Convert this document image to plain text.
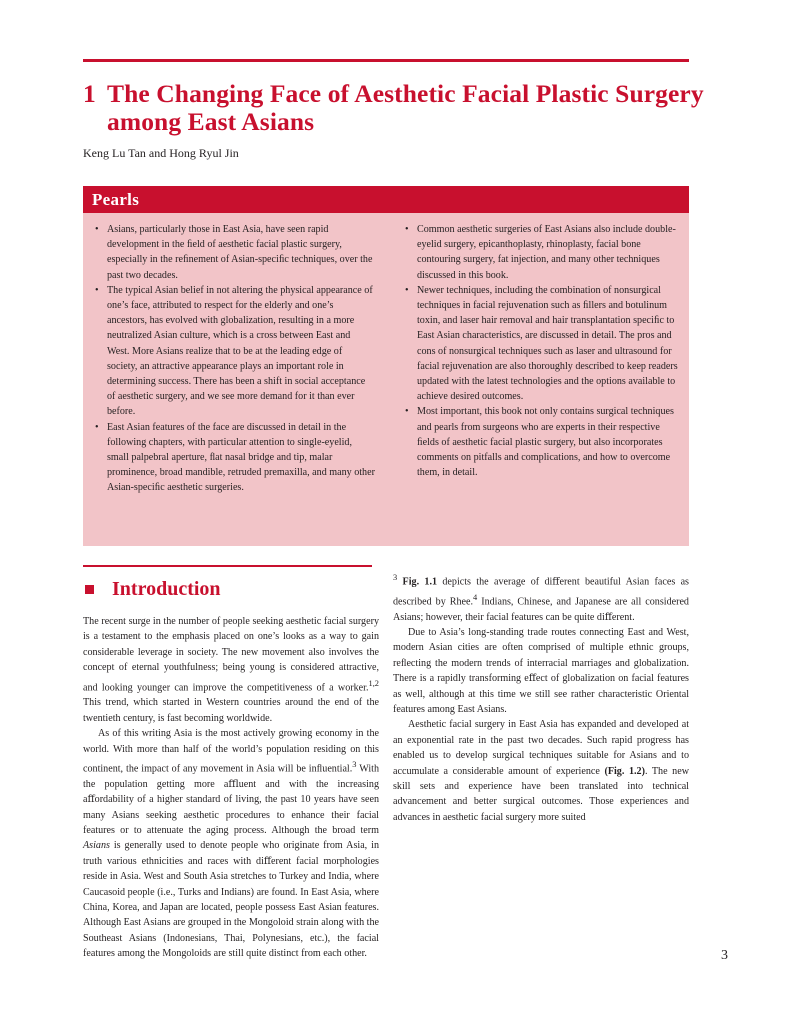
1 The Changing Face of Aesthetic Facial Plastic Surgery
among East Asians
Keng Lu Tan and Hong Ryul Jin
Pearls
• Asians, particularly those in East Asia, have seen rapid development in the ﬁeld of aesthetic facial plastic surgery, especially in the reﬁnement of Asian-speciﬁc techniques, over the past two decades.
• The typical Asian belief in not altering the physical appearance of one’s face, attributed to respect for the elderly and one’s ancestors, has evolved with globalization, resulting in a more neutralized Asian culture, which is a cross between East and West. More Asians realize that to be at the leading edge of society, an attractive appearance plays an important role in determining success. There has been a shift in social acceptance of aesthetic surgery, and we see more demand for it than ever before.
• East Asian features of the face are discussed in detail in the following chapters, with particular attention to single-eyelid, small palpebral aperture, ﬂat nasal bridge and tip, malar prominence, broad mandible, retruded premaxilla, and many other Asian-speciﬁc aesthetic surgeries.
• Common aesthetic surgeries of East Asians also include double-eyelid surgery, epicanthoplasty, rhinoplasty, facial bone contouring surgery, fat injection, and many other techniques discussed in this book.
• Newer techniques, including the combination of nonsurgical techniques in facial rejuvenation such as ﬁllers and botulinum toxin, and laser hair removal and hair transplantation speciﬁc to East Asian characteristics, are discussed in detail. The pros and cons of nonsurgical techniques such as laser and ultrasound for facial rejuvenation are also thoroughly described to keep readers updated with the latest technologies and the options available to achieve desired outcomes.
• Most important, this book not only contains surgical techniques and pearls from surgeons who are experts in their respective ﬁelds of aesthetic facial plastic surgery, but also incorporates comments on pitfalls and complications, and how to overcome them, in detail.
Introduction

The recent surge in the number of people seeking aesthetic facial surgery is a testament to the emphasis placed on one’s looks as a way to gain considerable leverage in society. The new movement also involves the concept of eternal youthfulness; being young is considered attractive, and looking younger can improve the competitiveness of a worker.$^{1,2}$ This trend, which started in Western countries around the end of the twentieth century, is fast becoming worldwide.

As of this writing Asia is the most actively growing economy in the world. With more than half of the world’s population residing on this continent, the impact of any movement in Asia will be inﬂuential.$^3$ With the population getting more aﬄuent and with the increasing aﬀordability of a higher standard of living, the past 10 years have seen many Asians seeking aesthetic procedures to enhance their facial features or to attenuate the aging process. Although the broad term Asians is generally used to denote people who originate from Asia, in truth various ethnicities and races with diﬀerent facial morphologies reside in Asia. West and South Asia stretches to Turkey and India, where Caucasoid people (i.e., Turks and Indians) are found. In East Asia, where China, Korea, and Japan are located, people possess East Asian features. Although East Asians are grouped in the Mongoloid strain along with the Southeast Asians (Indonesians, Thai, Polynesians, etc.), the facial features among the Mongoloids are still quite distinct from each other.

$^3$ Fig. 1.1 depicts the average of diﬀerent beautiful Asian faces as described by Rhee.$^4$ Indians, Chinese, and Japanese are all considered Asians; however, their facial features can be quite diﬀerent.

Due to Asia’s long-standing trade routes connecting East and West, modern Asian cities are often comprised of multiple ethnic groups, reﬂecting the modern trends of interracial marriages and globalization. There is a rapidly transforming eﬀect of globalization on facial features as well, although at this time we still see rather characteristic Oriental features among East Asians.

Aesthetic facial surgery in East Asia has expanded and developed at an exponential rate in the past two decades. Such rapid progress has enabled us to develop surgical techniques suitable for Asians and to accumulate a considerable amount of experience (Fig. 1.2). The new skill sets and experience have been translated into technical advancement and better surgical outcomes. Those experiences and advances in aesthetic facial surgery more suited

3
